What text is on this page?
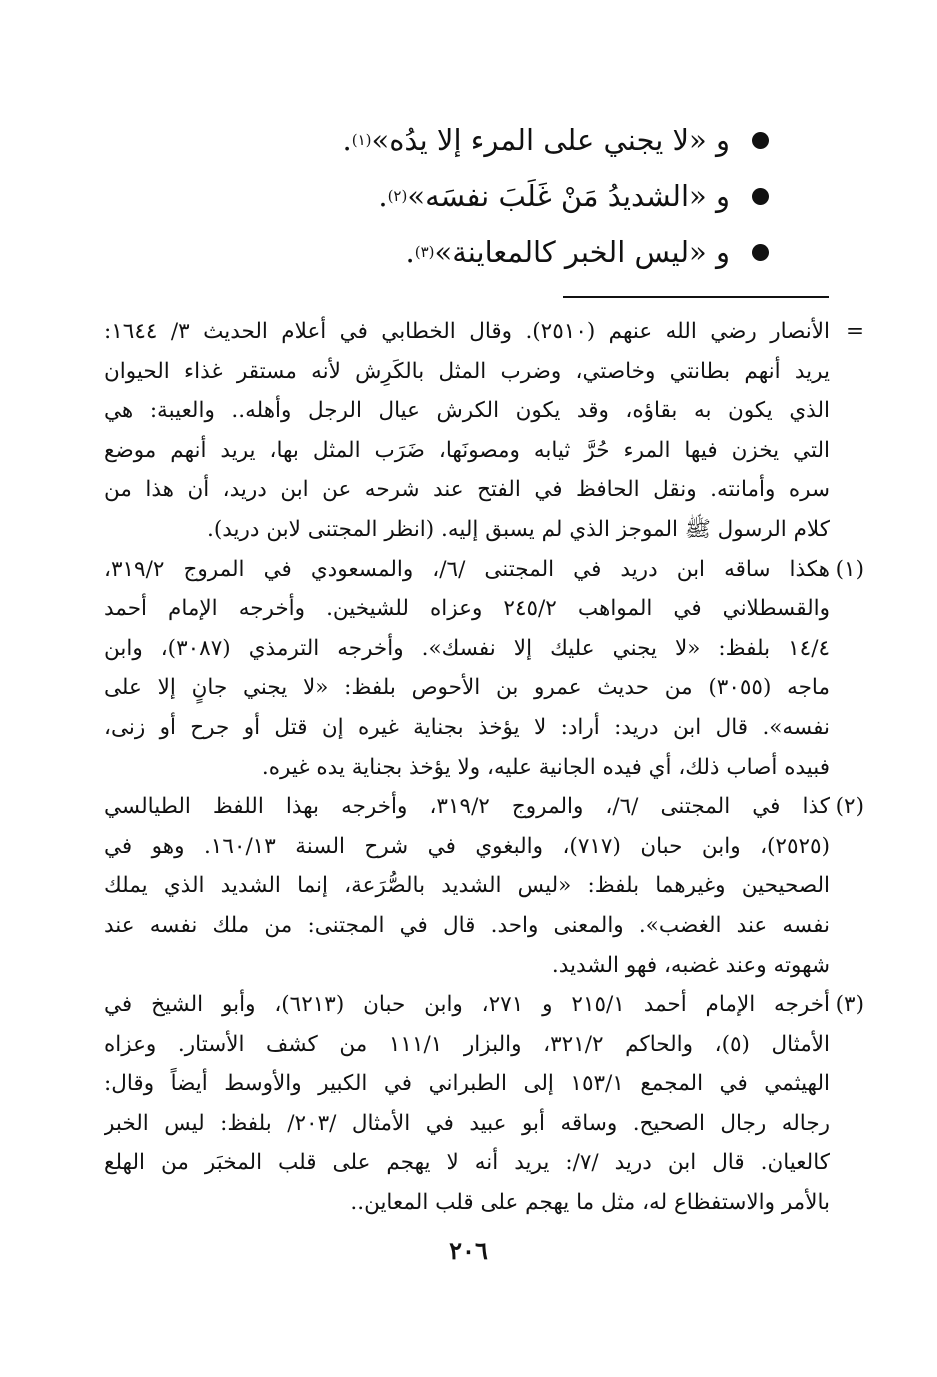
و «لا يجني على المرء إلا يدُه»
(١)
.
و «الشديدُ مَنْ غَلَبَ نفسَه»
(٢)
.
و «ليس الخبر كالمعاينة»
(٣)
.
=
الأنصار رضي الله عنهم (٢٥١٠). وقال الخطابي في أعلام الحديث ٣/ ١٦٤٤:
يريد أنهم بطانتي وخاصتي، وضرب المثل بالكَرِش لأنه مستقر غذاء الحيوان
الذي يكون به بقاؤه، وقد يكون الكرش عيال الرجل وأهله.. والعيبة: هي
التي يخزن فيها المرء حُرَّ ثيابه ومصونَها، ضَرَب المثل بها، يريد أنهم موضع
سره وأمانته. ونقل الحافظ في الفتح عند شرحه عن ابن دريد، أن هذا من
كلام الرسول ﷺ الموجز الذي لم يسبق إليه. (انظر المجتنى لابن دريد).
(١)
هكذا ساقه ابن دريد في المجتنى /٦/، والمسعودي في المروج ٣١٩/٢،
والقسطلاني في المواهب ٢٤٥/٢ وعزاه للشيخين. وأخرجه الإمام أحمد
١٤/٤ بلفظ: «لا يجني عليك إلا نفسك». وأخرجه الترمذي (٣٠٨٧)، وابن
ماجه (٣٠٥٥) من حديث عمرو بن الأحوص بلفظ: «لا يجني جانٍ إلا على
نفسه». قال ابن دريد: أراد: لا يؤخذ بجناية غيره إن قتل أو جرح أو زنى،
فبيده أصاب ذلك، أي فيده الجانية عليه، ولا يؤخذ بجناية يده غيره.
(٢)
كذا في المجتنى /٦/، والمروج ٣١٩/٢، وأخرجه بهذا اللفظ الطيالسي
(٢٥٢٥)، وابن حبان (٧١٧)، والبغوي في شرح السنة ١٦٠/١٣. وهو في
الصحيحين وغيرهما بلفظ: «ليس الشديد بالصُّرَعة، إنما الشديد الذي يملك
نفسه عند الغضب». والمعنى واحد. قال في المجتنى: من ملك نفسه عند
شهوته وعند غضبه، فهو الشديد.
(٣)
أخرجه الإمام أحمد ٢١٥/١ و ٢٧١، وابن حبان (٦٢١٣)، وأبو الشيخ في
الأمثال (٥)، والحاكم ٣٢١/٢، والبزار ١١١/١ من كشف الأستار. وعزاه
الهيثمي في المجمع ١٥٣/١ إلى الطبراني في الكبير والأوسط أيضاً وقال:
رجاله رجال الصحيح. وساقه أبو عبيد في الأمثال /٢٠٣/ بلفظ: ليس الخبر
كالعيان. قال ابن دريد /٧/: يريد أنه لا يهجم على قلب المخبَر من الهلع
بالأمر والاستفظاع له، مثل ما يهجم على قلب المعاين..
٢٠٦
